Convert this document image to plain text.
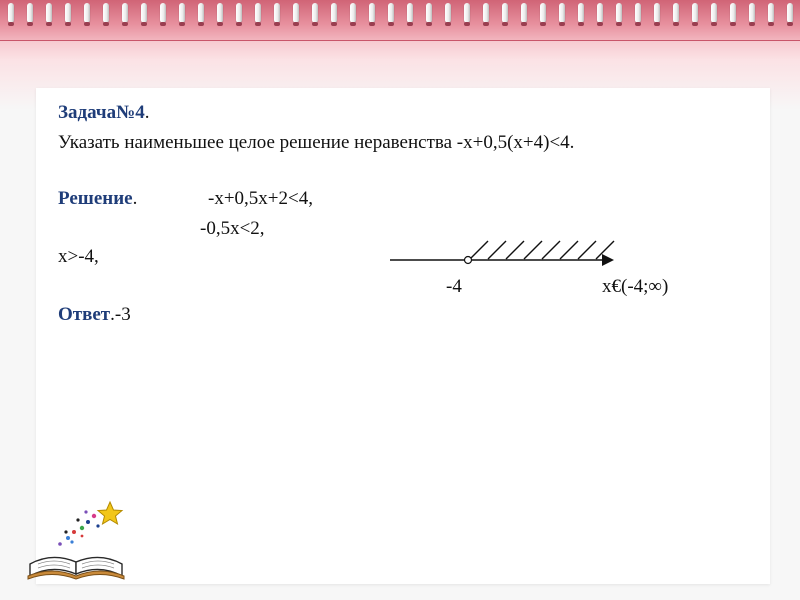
Задача№4.
Указать наименьшее целое решение неравенства -x+0,5(x+4)<4.
Решение.	-x+0,5x+2<4,
-0,5x<2,
x>-4,
-4	x€(-4;∞)
Ответ.-3
